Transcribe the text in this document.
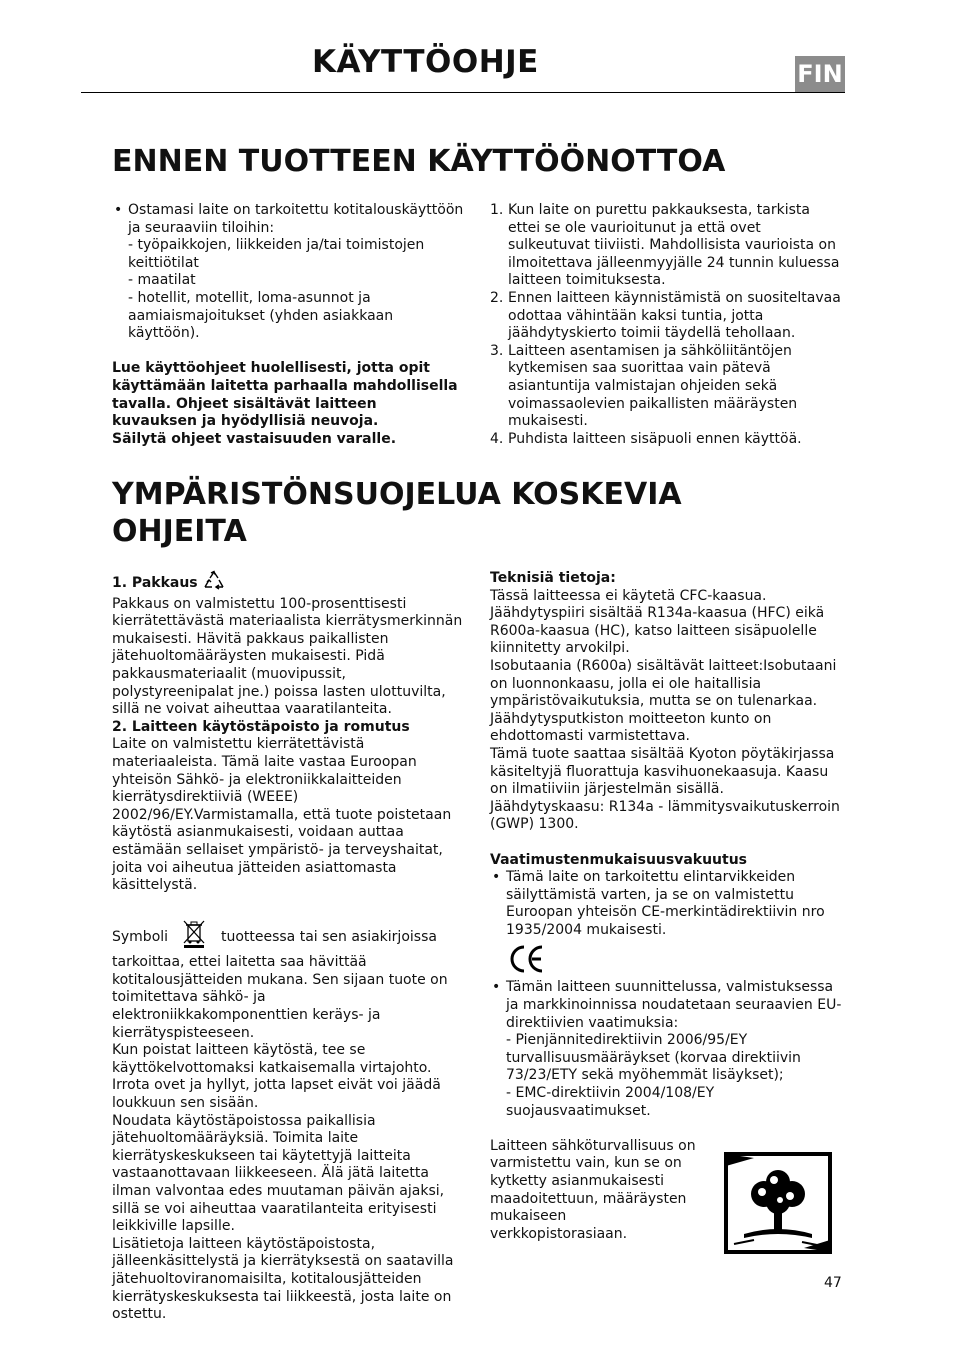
KÄYTTÖOHJE	FIN
ENNEN TUOTTEEN KÄYTTÖÖNOTTOA

• Ostamasi laite on tarkoitettu kotitalouskäyttöön ja seuraaviin tiloihin:

- työpaikkojen, liikkeiden ja/tai toimistojen keittiötilat

- maatilat

- hotellit, motellit, loma-asunnot ja aamiaismajoitukset (yhden asiakkaan käyttöön).

Lue käyttöohjeet huolellisesti, jotta opit käyttämään laitetta parhaalla mahdollisella tavalla. Ohjeet sisältävät laitteen kuvauksen ja hyödyllisiä neuvoja.

Säilytä ohjeet vastaisuuden varalle.

1. Kun laite on purettu pakkauksesta, tarkista ettei se ole vaurioitunut ja että ovet sulkeutuvat tiiviisti. Mahdollisista vaurioista on ilmoitettava jälleenmyyjälle 24 tunnin kuluessa laitteen toimituksesta.
2. Ennen laitteen käynnistämistä on suositeltavaa odottaa vähintään kaksi tuntia, jotta jäähdytyskierto toimii täydellä tehollaan.
3. Laitteen asentamisen ja sähköliitäntöjen kytkemisen saa suorittaa vain pätevä asiantuntija valmistajan ohjeiden sekä voimassaolevien paikallisten määräysten mukaisesti.
4. Puhdista laitteen sisäpuoli ennen käyttöä.
YMPÄRISTÖNSUOJELUA KOSKEVIA
OHJEITA

1. Pakkaus

Pakkaus on valmistettu 100-prosenttisesti kierrätettävästä materiaalista kierrätysmerkinnän mukaisesti. Hävitä pakkaus paikallisten jätehuoltomääräysten mukaisesti. Pidä pakkausmateriaalit (muovipussit, polystyreenipalat jne.) poissa lasten ulottuvilta, sillä ne voivat aiheuttaa vaaratilanteita.

2. Laitteen käytöstäpoisto ja romutus

Laite on valmistettu kierrätettävistä materiaaleista. Tämä laite vastaa Euroopan yhteisön Sähkö- ja elektroniikkalaitteiden kierrätysdirektiiviä (WEEE) 2002/96/EY.Varmistamalla, että tuote poistetaan käytöstä asianmukaisesti, voidaan auttaa estämään sellaiset ympäristö- ja terveyshaitat, joita voi aiheutua jätteiden asiattomasta käsittelystä.

Symboli	tuotteessa tai sen asiakirjoissa tarkoittaa, ettei laitetta saa hävittää kotitalousjätteiden mukana. Sen sijaan tuote on toimitettava sähkö- ja elektroniikkakomponenttien keräys- ja kierrätyspisteeseen.

Kun poistat laitteen käytöstä, tee se käyttökelvottomaksi katkaisemalla virtajohto. Irrota ovet ja hyllyt, jotta lapset eivät voi jäädä loukkuun sen sisään.

Noudata käytöstäpoistossa paikallisia jätehuoltomääräyksiä. Toimita laite kierrätyskeskukseen tai käytettyjä laitteita vastaanottavaan liikkeeseen. Älä jätä laitetta ilman valvontaa edes muutaman päivän ajaksi, sillä se voi aiheuttaa vaaratilanteita erityisesti leikkiville lapsille.

Lisätietoja laitteen käytöstäpoistosta, jälleenkäsittelystä ja kierrätyksestä on saatavilla jätehuoltoviranomaisilta, kotitalousjätteiden kierrätyskeskuksesta tai liikkeestä, josta laite on ostettu.

Teknisiä tietoja:

Tässä laitteessa ei käytetä CFC-kaasua.

Jäähdytyspiiri sisältää R134a-kaasua (HFC) eikä R600a-kaasua (HC), katso laitteen sisäpuolelle kiinnitetty arvokilpi.

Isobutaania (R600a) sisältävät laitteet:Isobutaani on luonnonkaasu, jolla ei ole haitallisia ympäristövaikutuksia, mutta se on tulenarkaa. Jäähdytysputkiston moitteeton kunto on ehdottomasti varmistettava.

Tämä tuote saattaa sisältää Kyoton pöytäkirjassa käsiteltyjä fluorattuja kasvihuonekaasuja. Kaasu on ilmatiiviin järjestelmän sisällä.

Jäähdytyskaasu: R134a - lämmitysvaikutuskerroin (GWP) 1300.

Vaatimustenmukaisuusvakuutus

• Tämä laite on tarkoitettu elintarvikkeiden säilyttämistä varten, ja se on valmistettu Euroopan yhteisön CE-merkintädirektiivin nro 1935/2004 mukaisesti.

• Tämän laitteen suunnittelussa, valmistuksessa ja markkinoinnissa noudatetaan seuraavien EU-direktiivien vaatimuksia:

- Pienjännitedirektiivin 2006/95/EY turvallisuusmääräykset (korvaa direktiivin 73/23/ETY sekä myöhemmät lisäykset);

- EMC-direktiivin 2004/108/EY suojausvaatimukset.

Laitteen sähköturvallisuus on varmistettu vain, kun se on kytketty asianmukaisesti maadoitettuun, määräysten mukaiseen verkkopistorasiaan.

47
